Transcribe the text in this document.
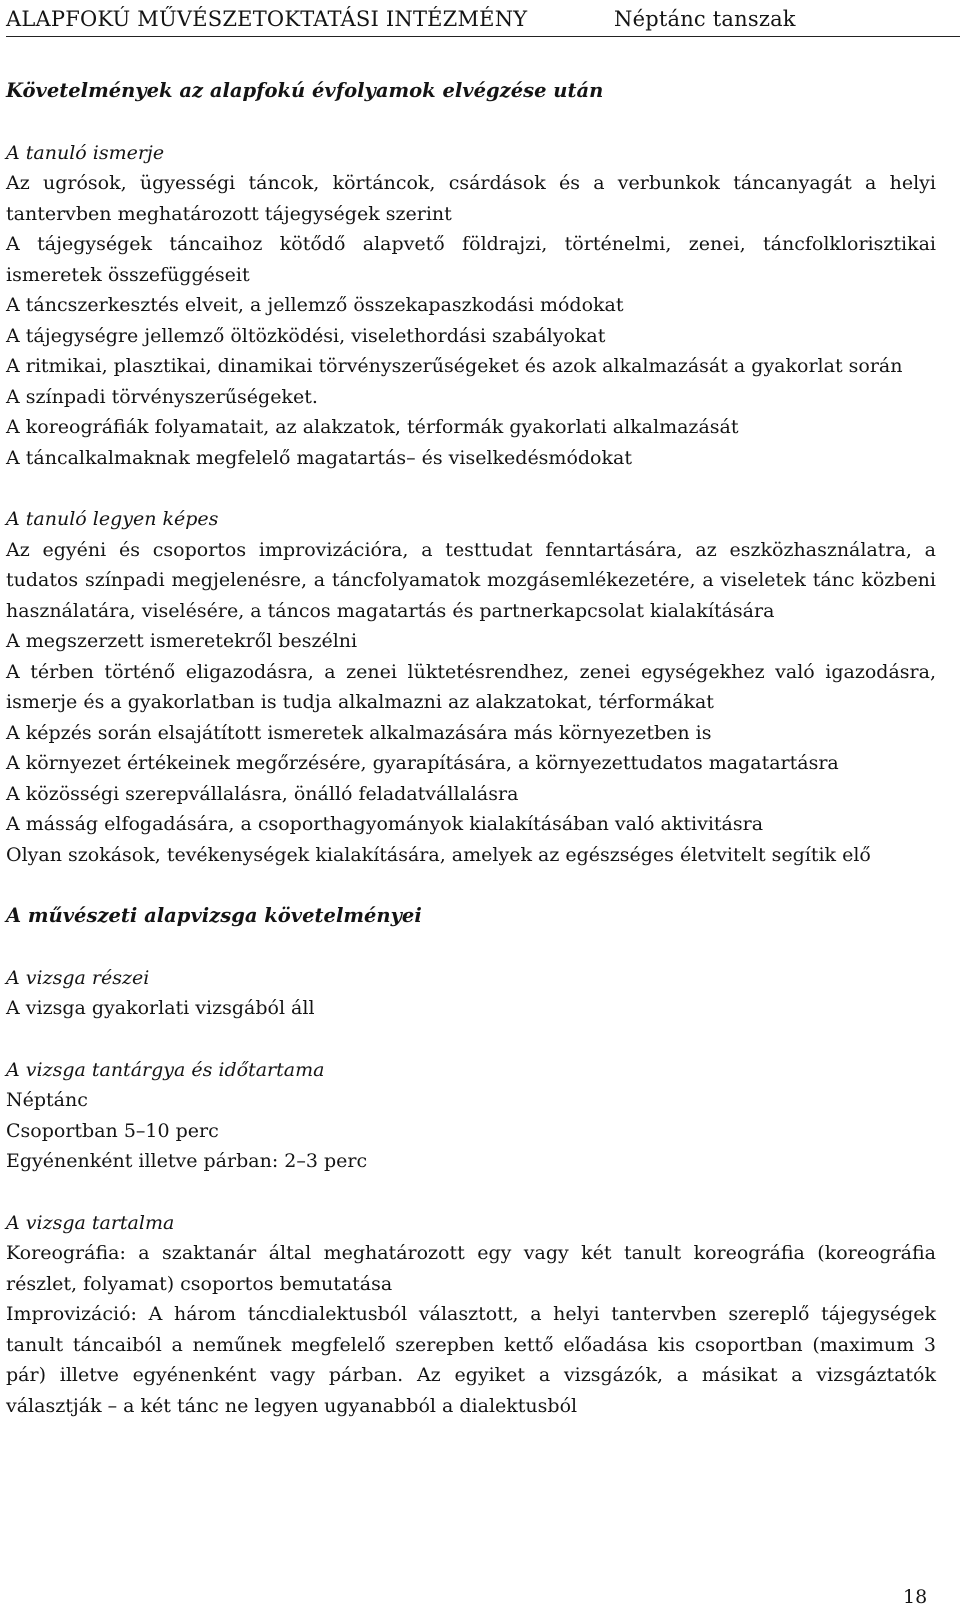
ALAPFOKÚ MŰVÉSZETOKTATÁSI INTÉZMÉNY	Néptánc tanszak

Követelmények az alapfokú évfolyamok elvégzése után

A tanuló ismerje

Az ugrósok, ügyességi táncok, körtáncok, csárdások és a verbunkok táncanyagát a helyi tantervben meghatározott tájegységek szerint

A tájegységek táncaihoz kötődő alapvető földrajzi, történelmi, zenei, táncfolklorisztikai ismeretek összefüggéseit

A táncszerkesztés elveit, a jellemző összekapaszkodási módokat

A tájegységre jellemző öltözködési, viselethordási szabályokat

A ritmikai, plasztikai, dinamikai törvényszerűségeket és azok alkalmazását a gyakorlat során

A színpadi törvényszerűségeket.

A koreográfiák folyamatait, az alakzatok, térformák gyakorlati alkalmazását

A táncalkalmaknak megfelelő magatartás– és viselkedésmódokat

A tanuló legyen képes

Az egyéni és csoportos improvizációra, a testtudat fenntartására, az eszközhasználatra, a tudatos színpadi megjelenésre, a táncfolyamatok mozgásemlékezetére, a viseletek tánc közbeni használatára, viselésére, a táncos magatartás és partnerkapcsolat kialakítására

A megszerzett ismeretekről beszélni

A térben történő eligazodásra, a zenei lüktetésrendhez, zenei egységekhez való igazodásra, ismerje és a gyakorlatban is tudja alkalmazni az alakzatokat, térformákat

A képzés során elsajátított ismeretek alkalmazására más környezetben is

A környezet értékeinek megőrzésére, gyarapítására, a környezettudatos magatartásra

A közösségi szerepvállalásra, önálló feladatvállalásra

A másság elfogadására, a csoporthagyományok kialakításában való aktivitásra

Olyan szokások, tevékenységek kialakítására, amelyek az egészséges életvitelt segítik elő

A művészeti alapvizsga követelményei

A vizsga részei

A vizsga gyakorlati vizsgából áll

A vizsga tantárgya és időtartama

Néptánc

Csoportban 5–10 perc

Egyénenként illetve párban: 2–3 perc

A vizsga tartalma

Koreográfia: a szaktanár által meghatározott egy vagy két tanult koreográfia (koreográfia részlet, folyamat) csoportos bemutatása

Improvizáció: A három táncdialektusból választott, a helyi tantervben szereplő tájegységek tanult táncaiból a neműnek megfelelő szerepben kettő előadása kis csoportban (maximum 3 pár) illetve egyénenként vagy párban. Az egyiket a vizsgázók, a másikat a vizsgáztatók választják – a két tánc ne legyen ugyanabból a dialektusból

18
